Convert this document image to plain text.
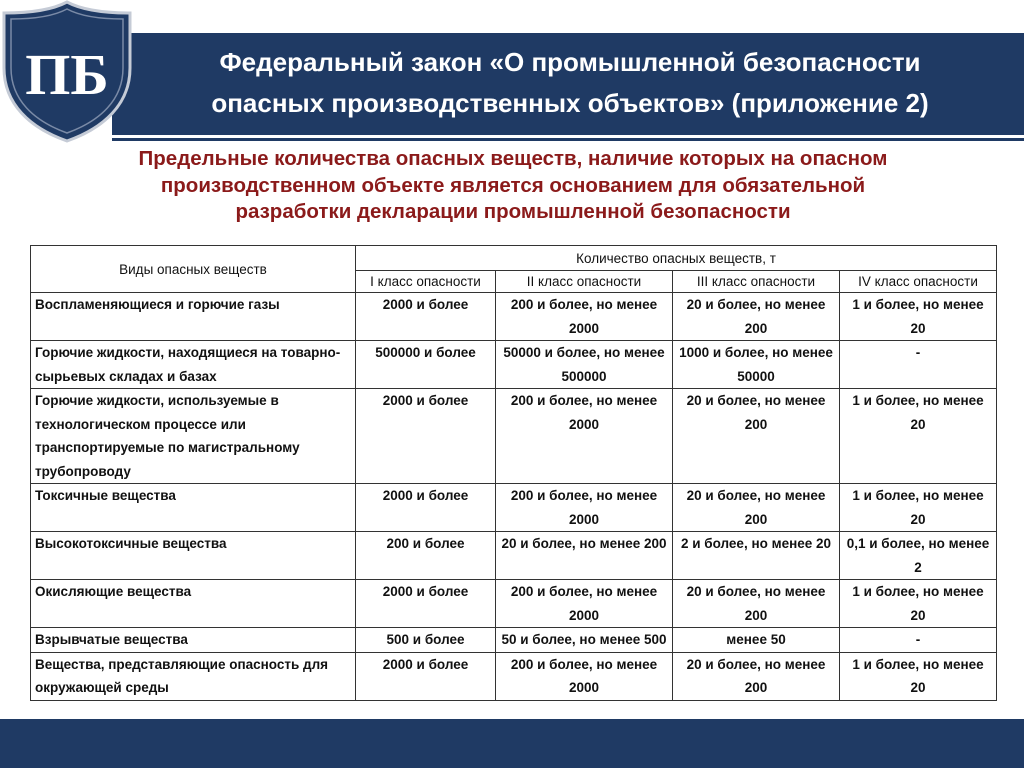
ПБ	Федеральный закон «О промышленной безопасности
опасных производственных объектов» (приложение 2)
Предельные количества опасных веществ, наличие которых на опасном
производственном объекте является основанием для обязательной
разработки декларации промышленной безопасности
Виды опасных веществ	Количество опасных веществ, т			
	I класс опасности	II класс опасности	III класс опасности	IV класс опасности
Воспламеняющиеся и горючие газы	2000 и более	200 и более, но менее 2000	20 и более, но менее 200	1 и более, но менее 20
Горючие жидкости, находящиеся на товарно-сырьевых складах и базах	500000 и более	50000 и более, но менее 500000	1000 и более, но менее 50000	-
Горючие жидкости, используемые в технологическом процессе или транспортируемые по магистральному трубопроводу	2000 и более	200 и более, но менее 2000	20 и более, но менее 200	1 и более, но менее 20
Токсичные вещества	2000 и более	200 и более, но менее 2000	20 и более, но менее 200	1 и более, но менее 20
Высокотоксичные вещества	200 и более	20 и более, но менее 200	2 и более, но менее 20	0,1 и более, но менее 2
Окисляющие вещества	2000 и более	200 и более, но менее 2000	20 и более, но менее 200	1 и более, но менее 20
Взрывчатые вещества	500 и более	50 и более, но менее 500	менее 50	-
Вещества, представляющие опасность для окружающей среды	2000 и более	200 и более, но менее 2000	20 и более, но менее 200	1 и более, но менее 20
